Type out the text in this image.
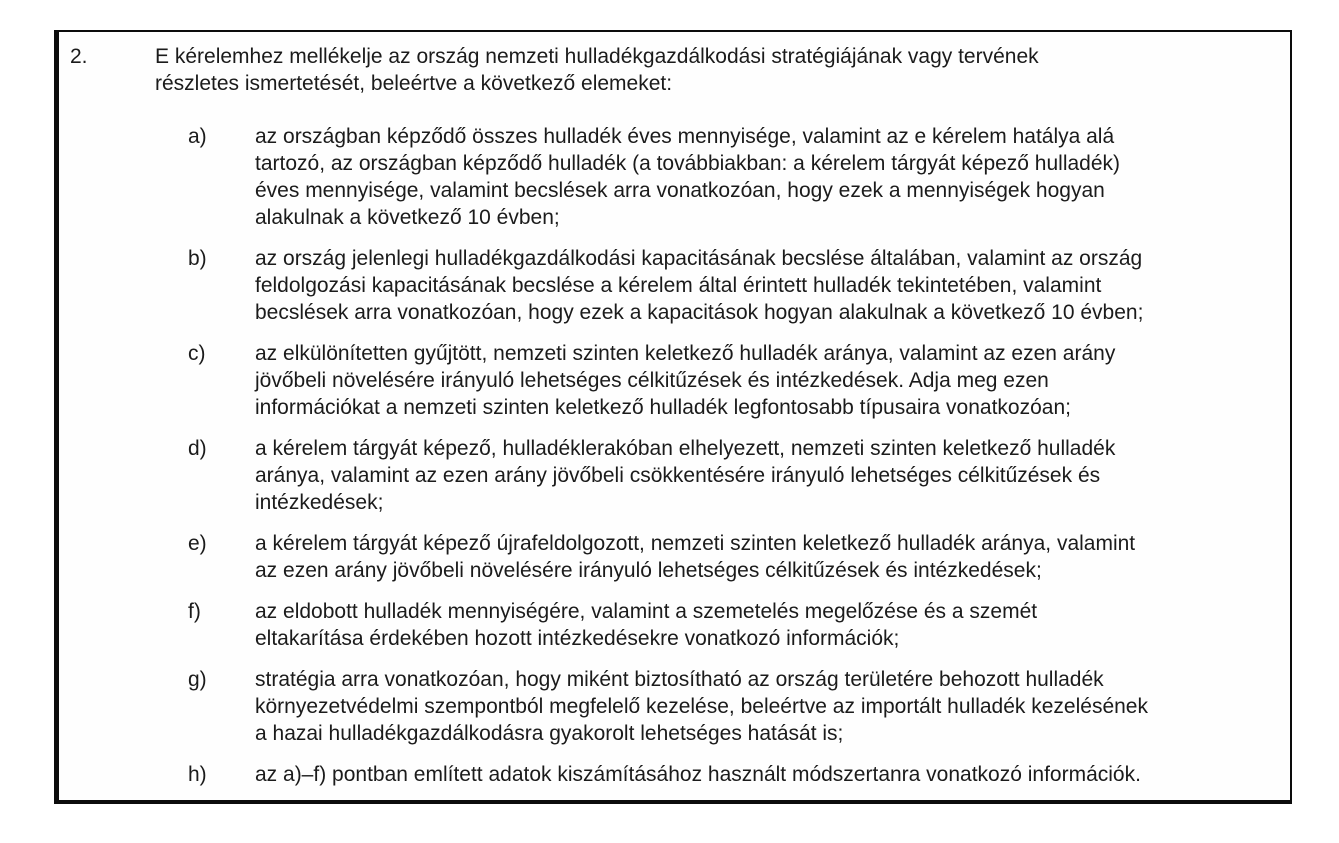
2.	E kérelemhez mellékelje az ország nemzeti hulladékgazdálkodási stratégiájának vagy tervének
részletes ismertetését, beleértve a következő elemeket:
a)	az országban képződő összes hulladék éves mennyisége, valamint az e kérelem hatálya alá
tartozó, az országban képződő hulladék (a továbbiakban: a kérelem tárgyát képező hulladék)
éves mennyisége, valamint becslések arra vonatkozóan, hogy ezek a mennyiségek hogyan
alakulnak a következő 10 évben;
b)	az ország jelenlegi hulladékgazdálkodási kapacitásának becslése általában, valamint az ország
feldolgozási kapacitásának becslése a kérelem által érintett hulladék tekintetében, valamint
becslések arra vonatkozóan, hogy ezek a kapacitások hogyan alakulnak a következő 10 évben;
c)	az elkülönítetten gyűjtött, nemzeti szinten keletkező hulladék aránya, valamint az ezen arány
jövőbeli növelésére irányuló lehetséges célkitűzések és intézkedések. Adja meg ezen
információkat a nemzeti szinten keletkező hulladék legfontosabb típusaira vonatkozóan;
d)	a kérelem tárgyát képező, hulladéklerakóban elhelyezett, nemzeti szinten keletkező hulladék
aránya, valamint az ezen arány jövőbeli csökkentésére irányuló lehetséges célkitűzések és
intézkedések;
e)	a kérelem tárgyát képező újrafeldolgozott, nemzeti szinten keletkező hulladék aránya, valamint
az ezen arány jövőbeli növelésére irányuló lehetséges célkitűzések és intézkedések;
f)	az eldobott hulladék mennyiségére, valamint a szemetelés megelőzése és a szemét
eltakarítása érdekében hozott intézkedésekre vonatkozó információk;
g)	stratégia arra vonatkozóan, hogy miként biztosítható az ország területére behozott hulladék
környezetvédelmi szempontból megfelelő kezelése, beleértve az importált hulladék kezelésének
a hazai hulladékgazdálkodásra gyakorolt lehetséges hatását is;
h)	az a)–f) pontban említett adatok kiszámításához használt módszertanra vonatkozó információk.
